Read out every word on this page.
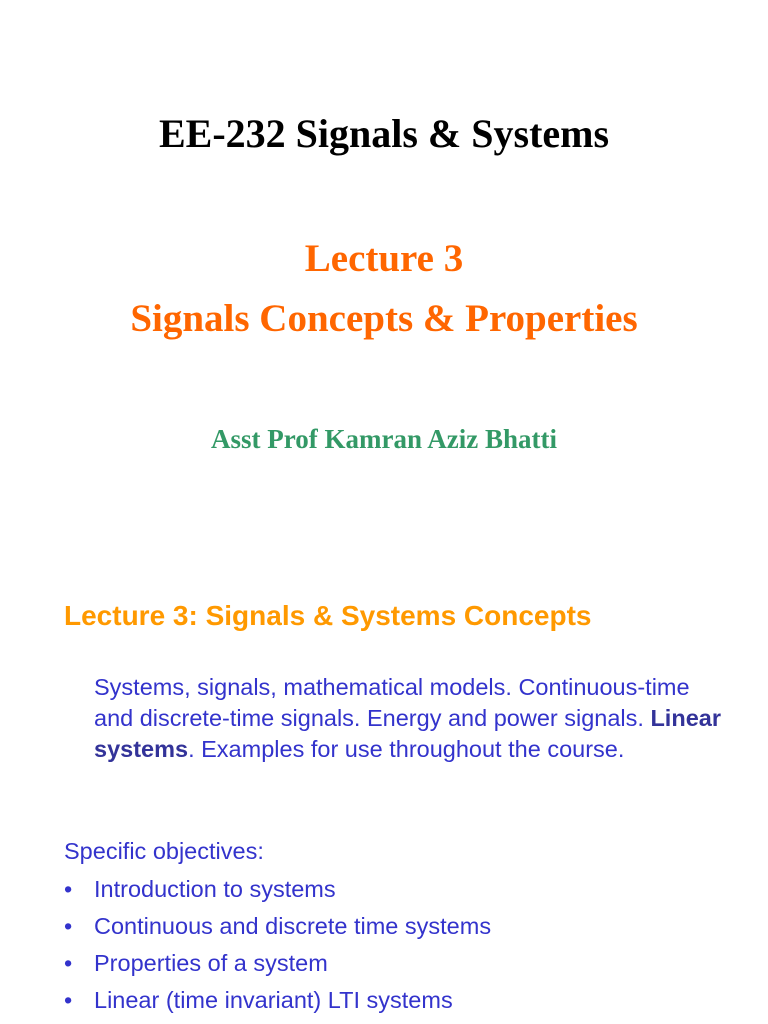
EE-232 Signals & Systems
Lecture 3
Signals Concepts & Properties
Asst Prof Kamran Aziz Bhatti
Lecture 3: Signals & Systems Concepts

Systems, signals, mathematical models. Continuous-time and discrete-time signals. Energy and power signals. Linear systems. Examples for use throughout the course.

Specific objectives:

• Introduction to systems
• Continuous and discrete time systems
• Properties of a system
• Linear (time invariant) LTI systems
